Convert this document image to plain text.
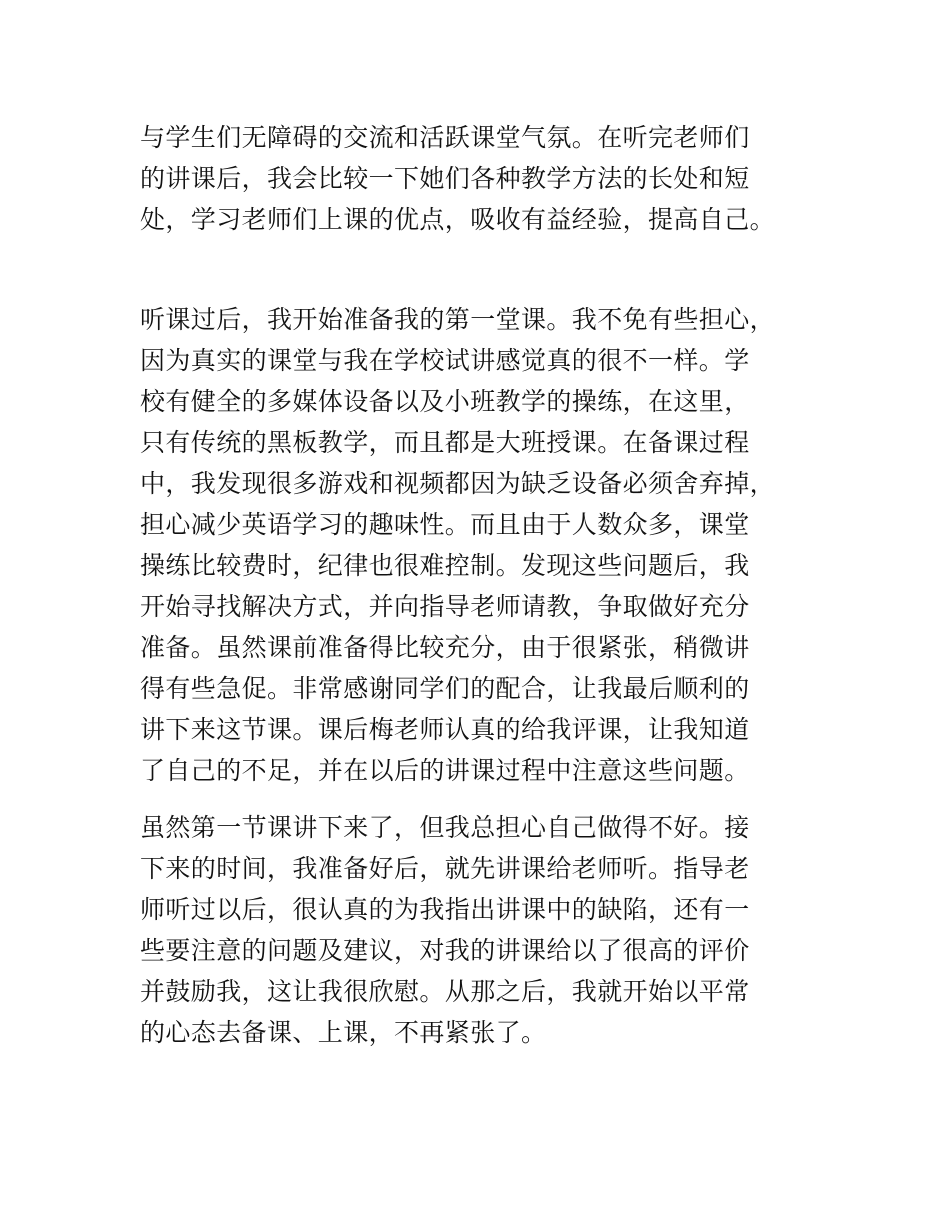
与学生们无障碍的交流和活跃课堂气氛。在听完老师们
的讲课后，我会比较一下她们各种教学方法的长处和短
处，学习老师们上课的优点，吸收有益经验，提高自己。
听课过后，我开始准备我的第一堂课。我不免有些担心，
因为真实的课堂与我在学校试讲感觉真的很不一样。学
校有健全的多媒体设备以及小班教学的操练，在这里，
只有传统的黑板教学，而且都是大班授课。在备课过程
中，我发现很多游戏和视频都因为缺乏设备必须舍弃掉，
担心减少英语学习的趣味性。而且由于人数众多，课堂
操练比较费时，纪律也很难控制。发现这些问题后，我
开始寻找解决方式，并向指导老师请教，争取做好充分
准备。虽然课前准备得比较充分，由于很紧张，稍微讲
得有些急促。非常感谢同学们的配合，让我最后顺利的
讲下来这节课。课后梅老师认真的给我评课，让我知道
了自己的不足，并在以后的讲课过程中注意这些问题。
虽然第一节课讲下来了，但我总担心自己做得不好。接
下来的时间，我准备好后，就先讲课给老师听。指导老
师听过以后，很认真的为我指出讲课中的缺陷，还有一
些要注意的问题及建议，对我的讲课给以了很高的评价
并鼓励我，这让我很欣慰。从那之后，我就开始以平常
的心态去备课、上课，不再紧张了。
